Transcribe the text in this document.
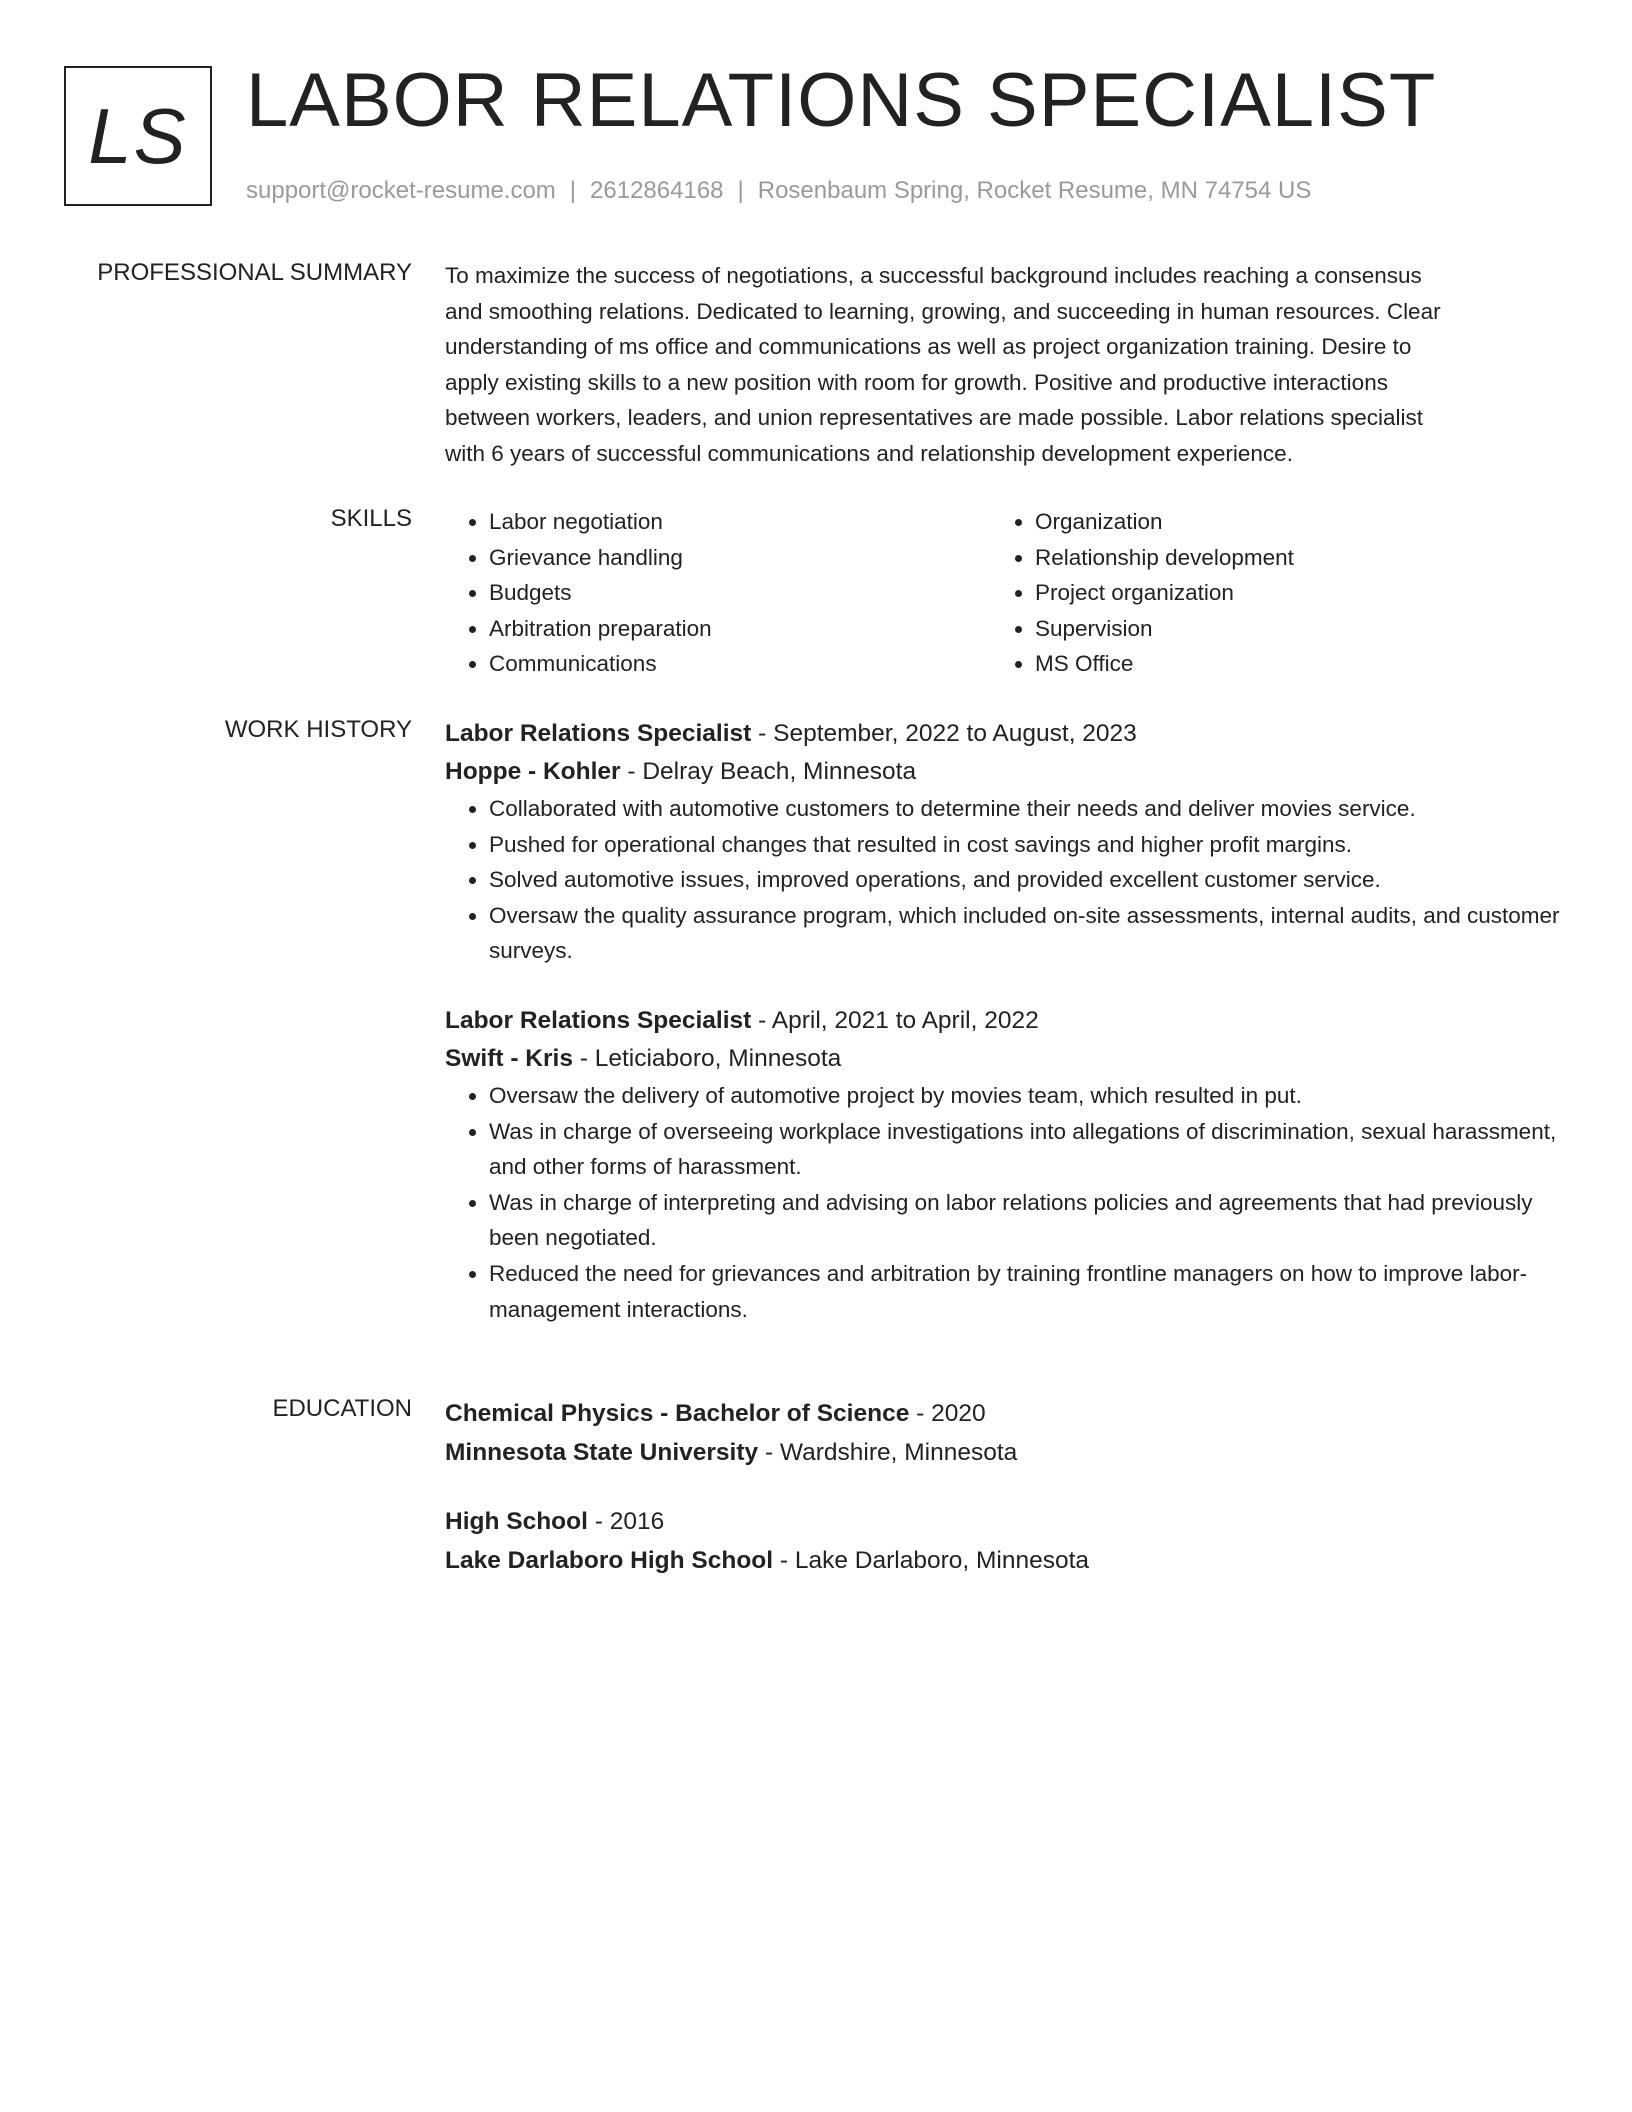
LS LABOR RELATIONS SPECIALIST
support@rocket-resume.com | 2612864168 | Rosenbaum Spring, Rocket Resume, MN 74754 US
PROFESSIONAL SUMMARY To maximize the success of negotiations, a successful background includes reaching a consensus
and smoothing relations. Dedicated to learning, growing, and succeeding in human resources. Clear
understanding of ms office and communications as well as project organization training. Desire to
apply existing skills to a new position with room for growth. Positive and productive interactions
between workers, leaders, and union representatives are made possible. Labor relations specialist
with 6 years of successful communications and relationship development experience.

SKILLS
•	Labor negotiation
• Grievance handling
• Budgets
• Arbitration preparation
• Communications
• Organization
• Relationship development
• Project organization
• Supervision
• MS Office
WORK HISTORY Labor Relations Specialist - September, 2022 to August, 2023
Hoppe - Kohler - Delray Beach, Minnesota
• Collaborated with automotive customers to determine their needs and deliver movies service.
• Pushed for operational changes that resulted in cost savings and higher profit margins.
• Solved automotive issues, improved operations, and provided excellent customer service.
• Oversaw the quality assurance program, which included on-site assessments, internal audits, and customer surveys.
Labor Relations Specialist - April, 2021 to April, 2022
Swift - Kris - Leticiaboro, Minnesota
• Oversaw the delivery of automotive project by movies team, which resulted in put.
• Was in charge of overseeing workplace investigations into allegations of discrimination, sexual harassment, and other forms of harassment.
• Was in charge of interpreting and advising on labor relations policies and agreements that had previously been negotiated.
• Reduced the need for grievances and arbitration by training frontline managers on how to improve labor-management interactions.
EDUCATION Chemical Physics - Bachelor of Science - 2020
Minnesota State University - Wardshire, Minnesota
High School - 2016
Lake Darlaboro High School - Lake Darlaboro, Minnesota
